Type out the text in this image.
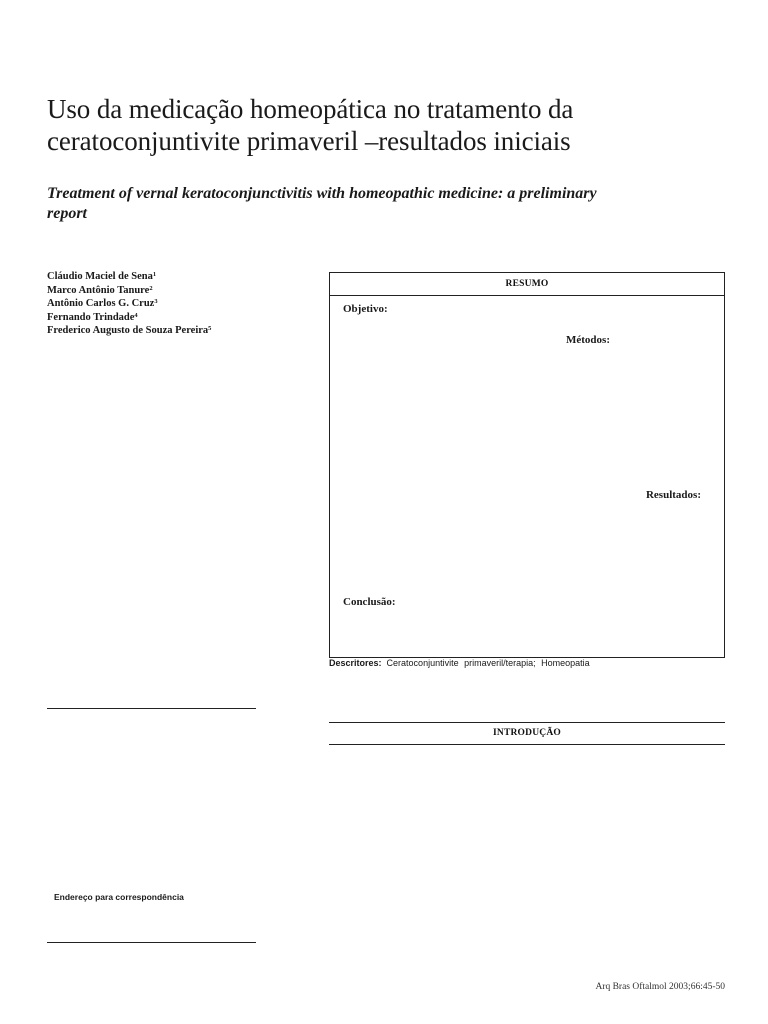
Uso da medicação homeopática no tratamento da
ceratoconjuntivite primaveril –resultados iniciais
Treatment of vernal keratoconjunctivitis with homeopathic medicine: a preliminary
report
Cláudio Maciel de Sena$^1$
Marco Antônio Tanure$^2$
Antônio Carlos G. Cruz$^3$
Fernando Trindade$^4$
Frederico Augusto de Souza Pereira$^5$
Endereço para correspondência
RESUMO
Objetivo:
Métodos:
Resultados:
Conclusão:
Descritores: Ceratoconjuntivite primaveril/terapia; Homeopatia
INTRODUÇÃO
Arq Bras Oftalmol 2003;66:45-50
